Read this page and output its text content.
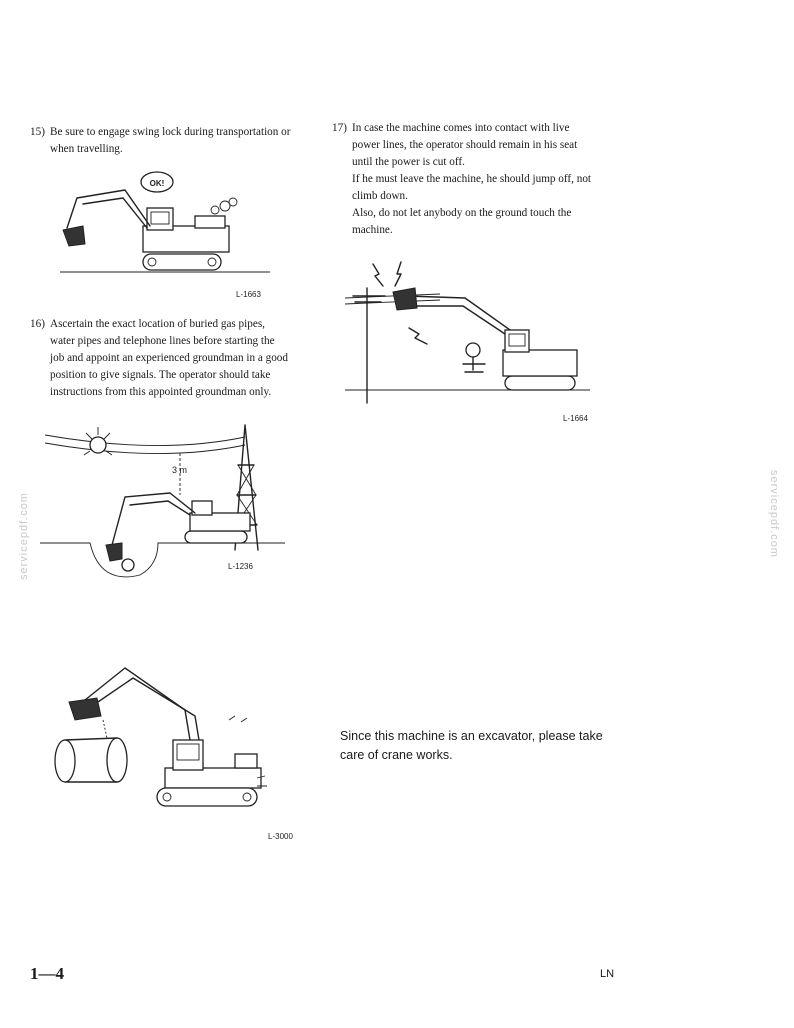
15) Be sure to engage swing lock during transportation or
when travelling.
OK!
L-1663
16) Ascertain the exact location of buried gas pipes,
water pipes and telephone lines before starting the
job and appoint an experienced groundman in a good
position to give signals. The operator should take
instructions from this appointed groundman only.
3 m
L-1236
17) In case the machine comes into contact with live
power lines, the operator should remain in his seat
until the power is cut off.
If he must leave the machine, he should jump off, not
climb down.
Also, do not let anybody on the ground touch the
machine.
L-1664
L-3000
Since this machine is an excavator, please take
care of crane works.
servicepdf.com	servicepdf.com
1—4	LN
